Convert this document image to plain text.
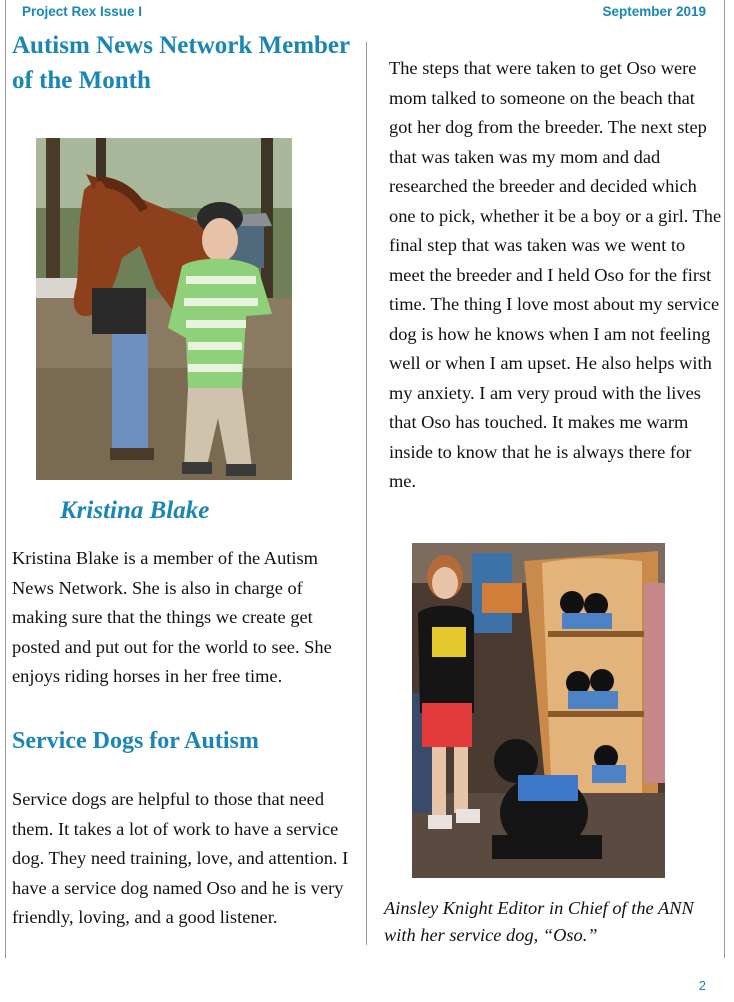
Project Rex Issue I	September 2019
Autism News Network Member of the Month
Kristina Blake

Kristina Blake is a member of the Autism News Network. She is also in charge of making sure that the things we create get posted and put out for the world to see. She enjoys riding horses in her free time.

Service Dogs for Autism

Service dogs are helpful to those that need them. It takes a lot of work to have a service dog. They need training, love, and attention. I have a service dog named Oso and he is very friendly, loving, and a good listener.

The steps that were taken to get Oso were mom talked to someone on the beach that got her dog from the breeder. The next step that was taken was my mom and dad researched the breeder and decided which one to pick, whether it be a boy or a girl. The final step that was taken was we went to meet the breeder and I held Oso for the first time. The thing I love most about my service dog is how he knows when I am not feeling well or when I am upset. He also helps with my anxiety. I am very proud with the lives that Oso has touched. It makes me warm inside to know that he is always there for me.

Ainsley Knight Editor in Chief of the ANN with her service dog, “Oso.”

2
